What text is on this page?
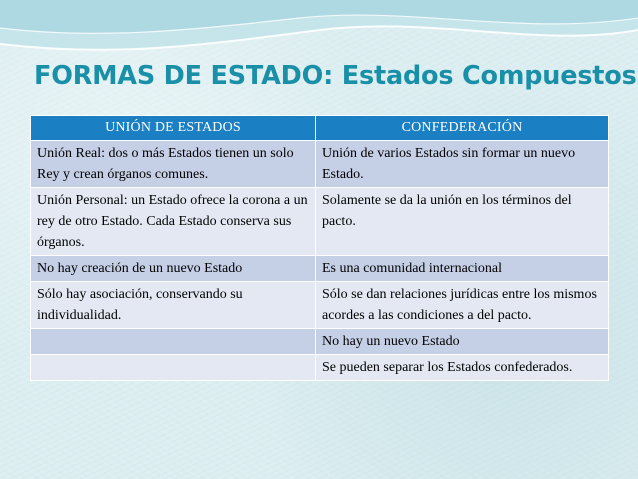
FORMAS DE ESTADO: Estados Compuestos
UNIÓN DE ESTADOS	CONFEDERACIÓN

Unión Real: dos o más Estados tienen un solo Rey y crean órganos comunes.	Unión de varios Estados sin formar un nuevo Estado.

Unión Personal: un Estado ofrece la corona a un rey de otro Estado. Cada Estado conserva sus órganos.	Solamente se da la unión en los términos del pacto.

No hay creación de un nuevo Estado	Es una comunidad internacional

Sólo hay asociación, conservando su individualidad.	Sólo se dan relaciones jurídicas entre los mismos acordes a las condiciones a del pacto.

	No hay un nuevo Estado

	Se pueden separar los Estados confederados.
